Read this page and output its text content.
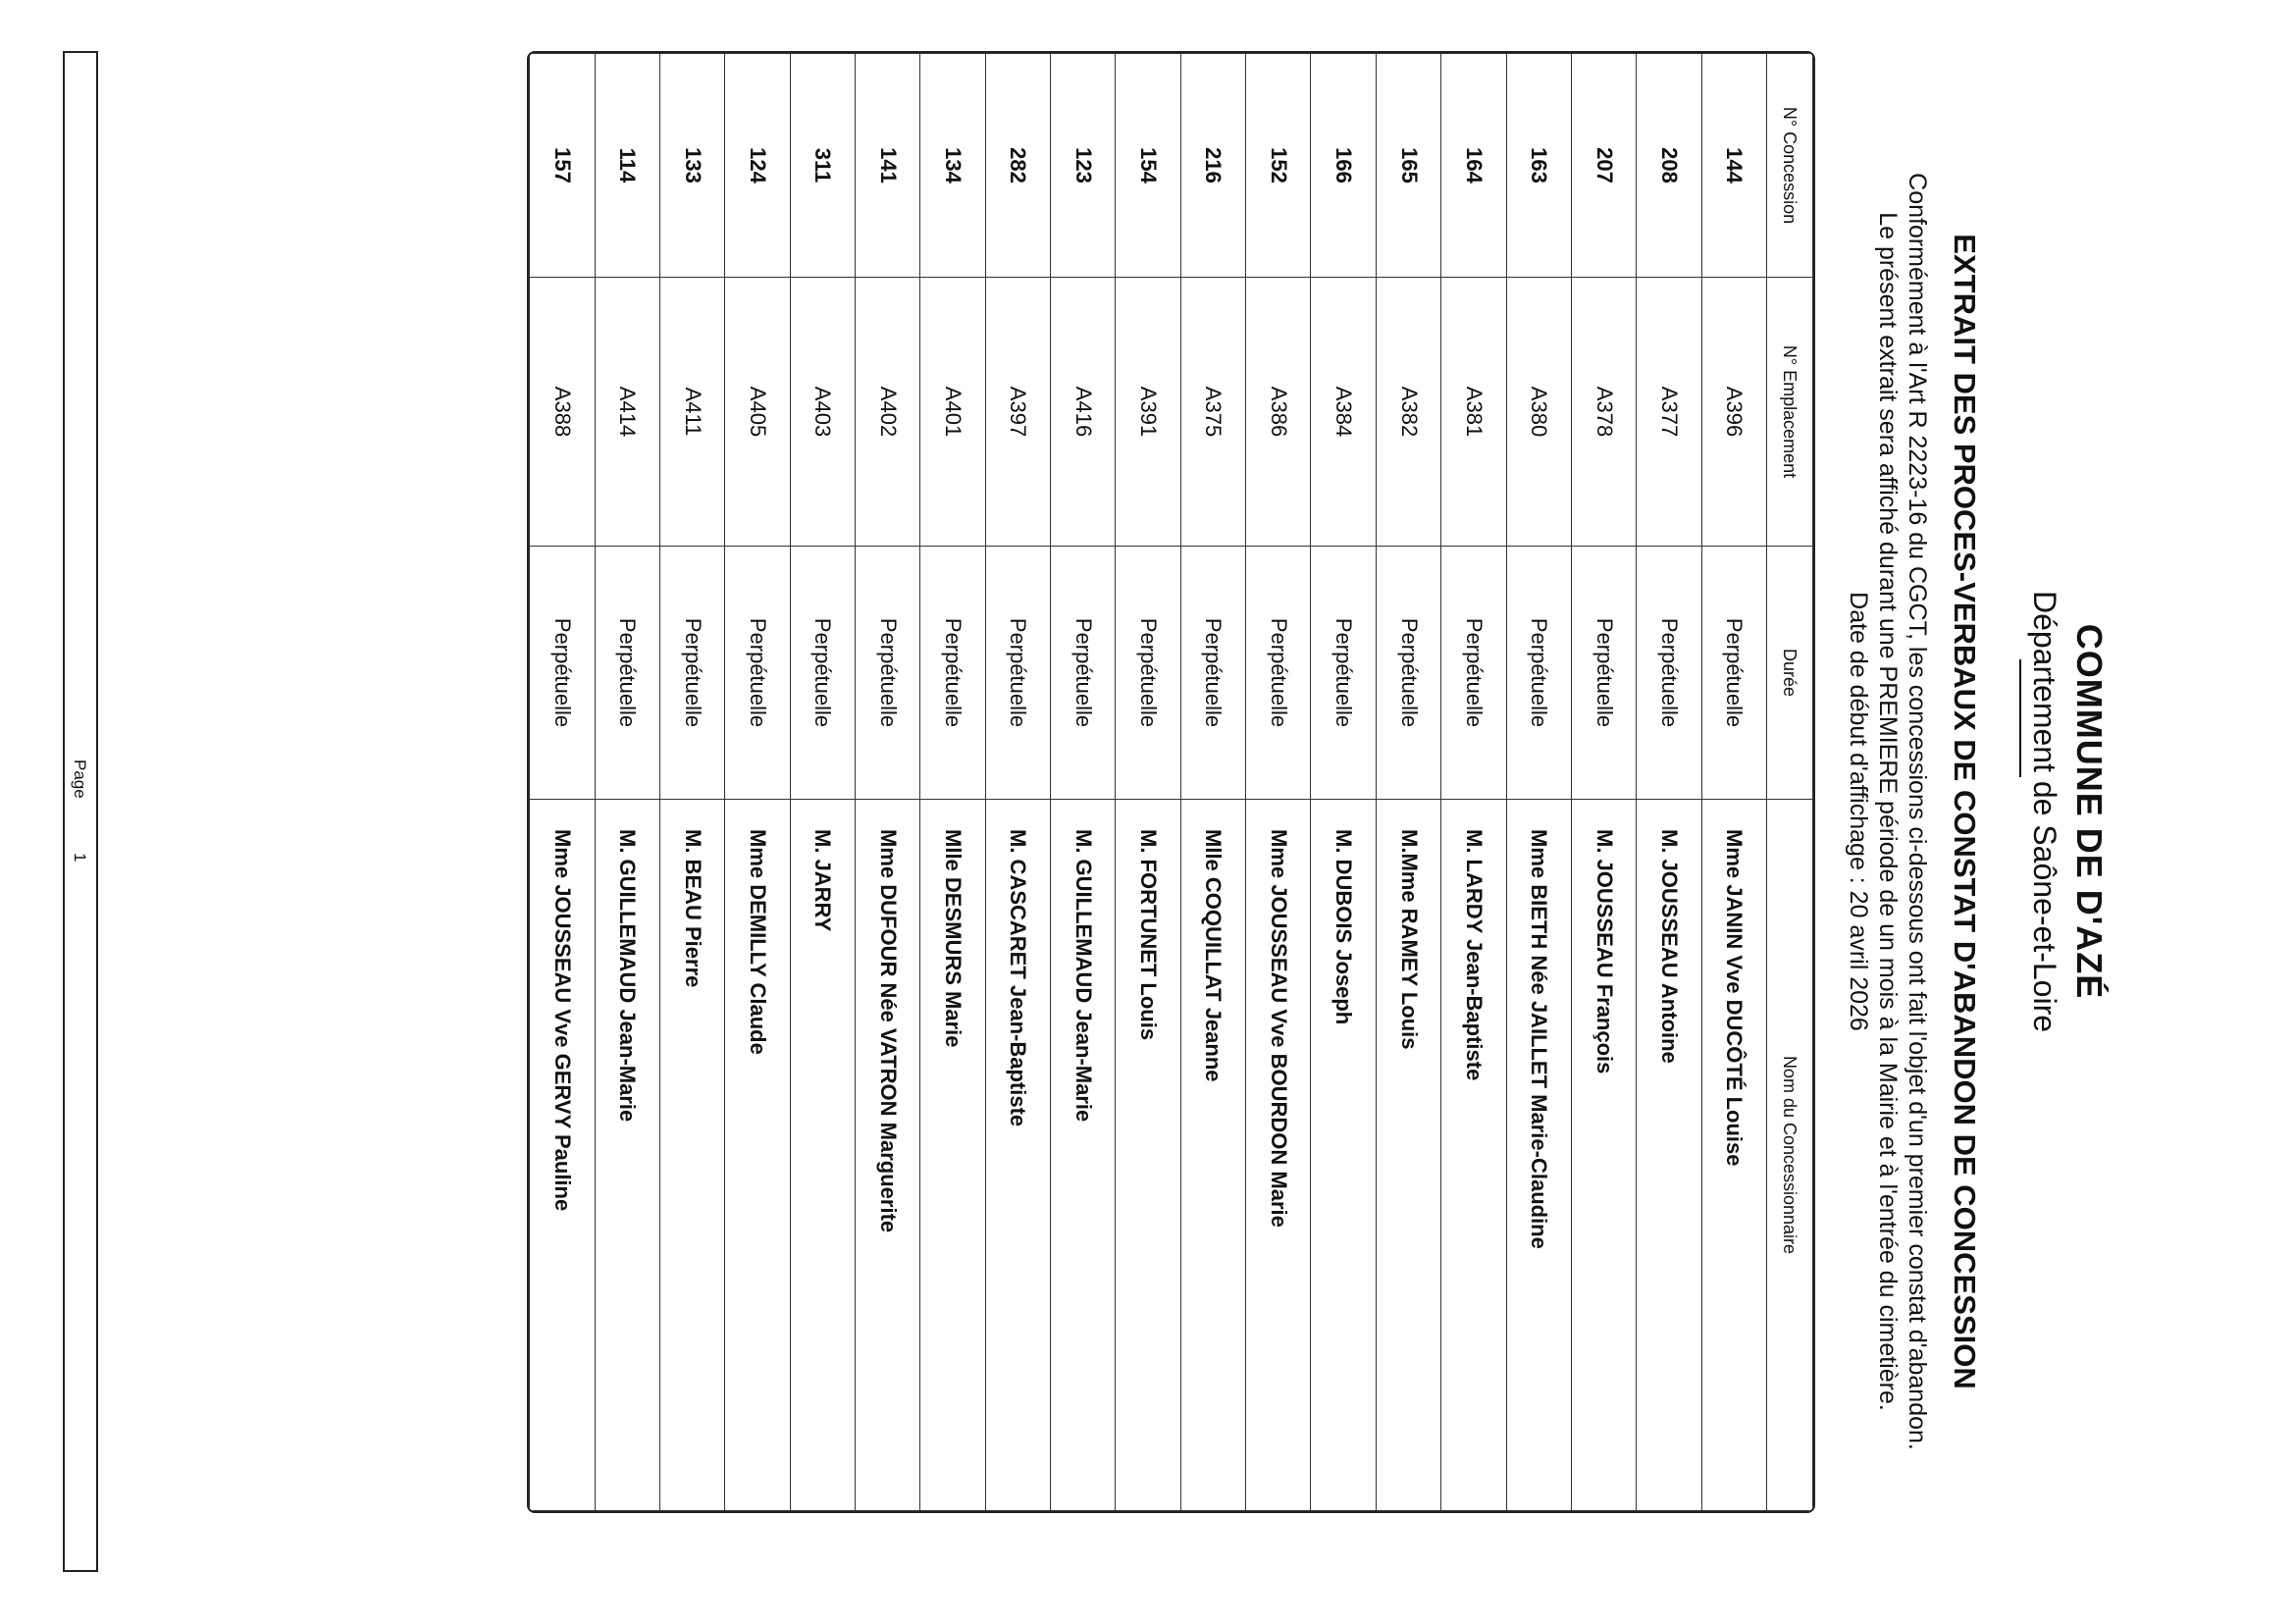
COMMUNE DE D'AZÉ
Département de Saône-et-Loire
EXTRAIT DES PROCES-VERBAUX DE CONSTAT D'ABANDON DE CONCESSION
Conformément à l'Art R 2223-16 du CGCT, les concessions ci-dessous ont fait l'objet d'un premier constat d'abandon.
Le présent extrait sera affiché durant une PREMIERE période de un mois à la Mairie et à l'entrée du cimetière.
Date de début d'affichage : 20 avril 2026
N° Concession	N° Emplacement	Durée	Nom du Concessionnaire
144	A396	Perpétuelle	Mme JANIN Vve DUCÔTÉ Louise
208	A377	Perpétuelle	M. JOUSSEAU Antoine
207	A378	Perpétuelle	M. JOUSSEAU François
163	A380	Perpétuelle	Mme BIETH Née JAILLET Marie-Claudine
164	A381	Perpétuelle	M. LARDY Jean-Baptiste
165	A382	Perpétuelle	M.Mme RAMEY Louis
166	A384	Perpétuelle	M. DUBOIS Joseph
152	A386	Perpétuelle	Mme JOUSSEAU Vve BOURDON Marie
216	A375	Perpétuelle	Mlle COQUILLAT Jeanne
154	A391	Perpétuelle	M. FORTUNET Louis
123	A416	Perpétuelle	M. GUILLEMAUD Jean-Marie
282	A397	Perpétuelle	M. CASCARET Jean-Baptiste
134	A401	Perpétuelle	Mlle DESMURS Marie
141	A402	Perpétuelle	Mme DUFOUR Née VATRON Marguerite
311	A403	Perpétuelle	M. JARRY
124	A405	Perpétuelle	Mme DEMILLY Claude
133	A411	Perpétuelle	M. BEAU Pierre
114	A414	Perpétuelle	M. GUILLEMAUD Jean-Marie
157	A388	Perpétuelle	Mme JOUSSEAU Vve GERVY Pauline
Page
1
